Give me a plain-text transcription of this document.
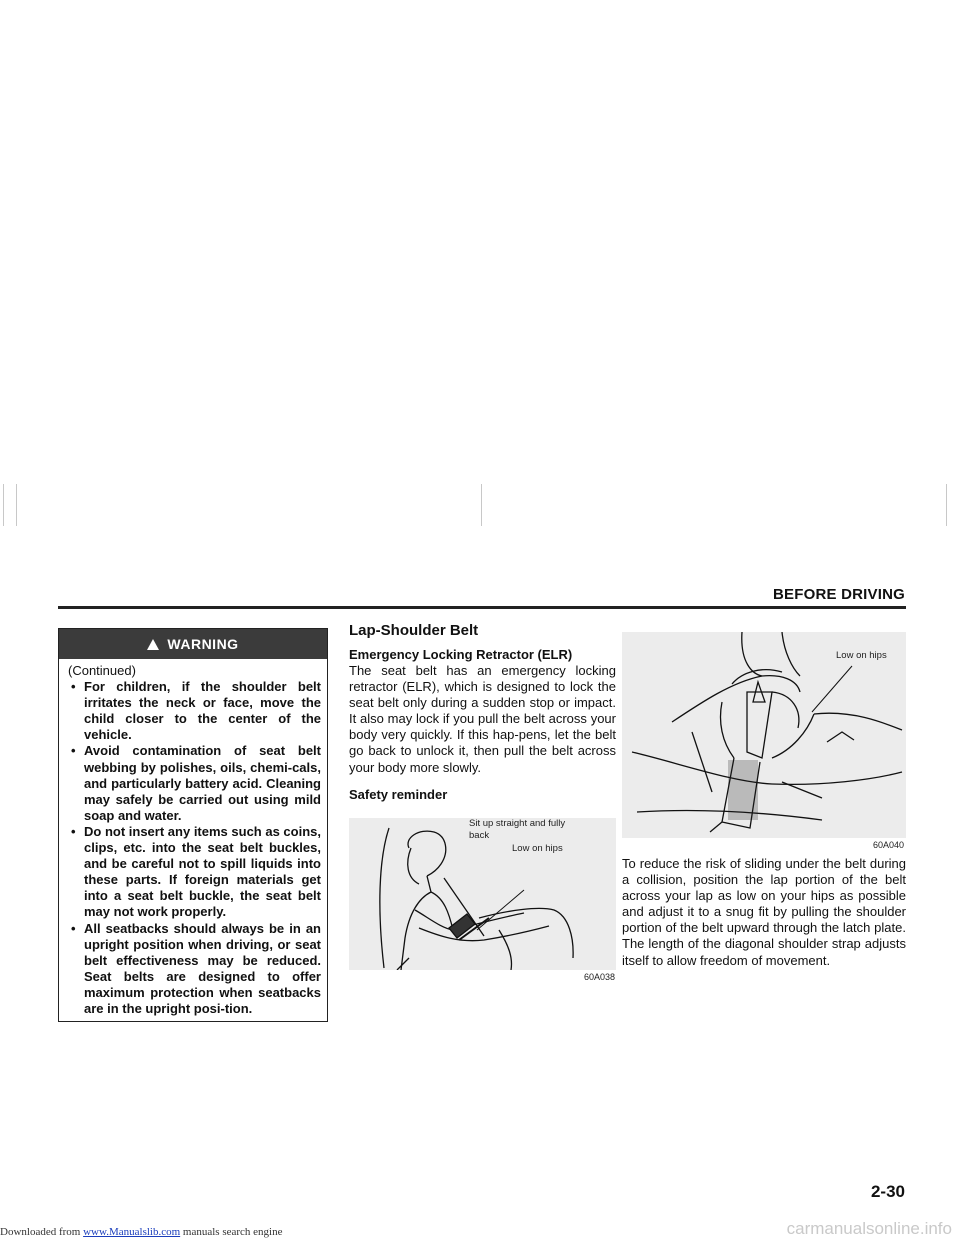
BEFORE DRIVING
WARNING
(Continued)
• For children, if the shoulder belt irritates the neck or face, move the child closer to the center of the vehicle.
• Avoid contamination of seat belt webbing by polishes, oils, chemi-cals, and particularly battery acid. Cleaning may safely be carried out using mild soap and water.
• Do not insert any items such as coins, clips, etc. into the seat belt buckles, and be careful not to spill liquids into these parts. If foreign materials get into a seat belt buckle, the seat belt may not work properly.
• All seatbacks should always be in an upright position when driving, or seat belt effectiveness may be reduced. Seat belts are designed to offer maximum protection when seatbacks are in the upright posi-tion.
Lap-Shoulder Belt
Emergency Locking Retractor (ELR)

The seat belt has an emergency locking retractor (ELR), which is designed to lock the seat belt only during a sudden stop or impact. It also may lock if you pull the belt across your body very quickly. If this hap-pens, let the belt go back to unlock it, then pull the belt across your body more slowly.

Safety reminder
Sit up straight and fully back
Low on hips
60A038
Low on hips
60A040

To reduce the risk of sliding under the belt during a collision, position the lap portion of the belt across your lap as low on your hips as possible and adjust it to a snug fit by pulling the shoulder portion of the belt upward through the latch plate. The length of the diagonal shoulder strap adjusts itself to allow freedom of movement.

2-30
Downloaded from www.Manualslib.com manuals search engine	carmanualsonline.info
